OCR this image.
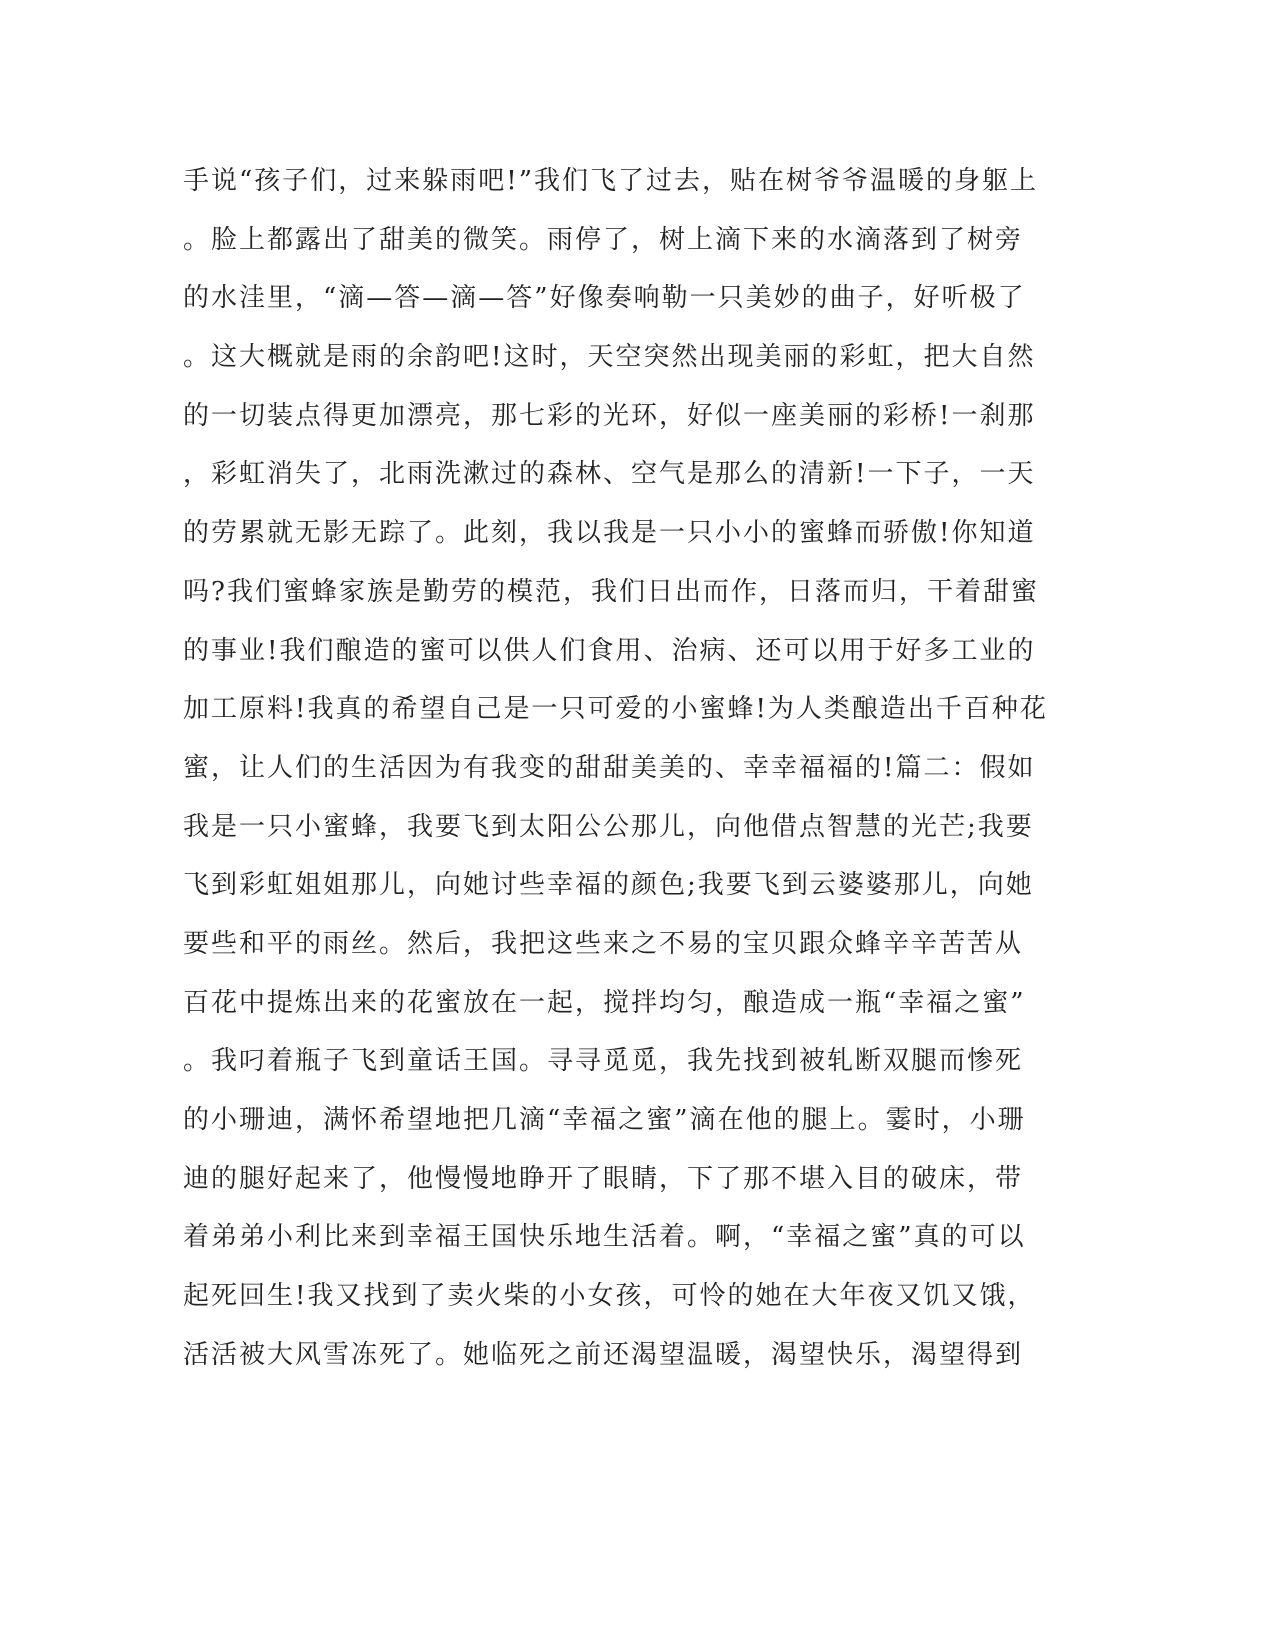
手说“孩子们，过来躲雨吧!”我们飞了过去，贴在树爷爷温暖的身躯上
。脸上都露出了甜美的微笑。雨停了，树上滴下来的水滴落到了树旁
的水洼里，“滴—答—滴—答”好像奏响勒一只美妙的曲子，好听极了
。这大概就是雨的余韵吧!这时，天空突然出现美丽的彩虹，把大自然
的一切装点得更加漂亮，那七彩的光环，好似一座美丽的彩桥!一刹那
，彩虹消失了，北雨洗漱过的森林、空气是那么的清新!一下子，一天
的劳累就无影无踪了。此刻，我以我是一只小小的蜜蜂而骄傲!你知道
吗?我们蜜蜂家族是勤劳的模范，我们日出而作，日落而归，干着甜蜜
的事业!我们酿造的蜜可以供人们食用、治病、还可以用于好多工业的
加工原料!我真的希望自己是一只可爱的小蜜蜂!为人类酿造出千百种花
蜜，让人们的生活因为有我变的甜甜美美的、幸幸福福的!篇二：假如
我是一只小蜜蜂，我要飞到太阳公公那儿，向他借点智慧的光芒;我要
飞到彩虹姐姐那儿，向她讨些幸福的颜色;我要飞到云婆婆那儿，向她
要些和平的雨丝。然后，我把这些来之不易的宝贝跟众蜂辛辛苦苦从
百花中提炼出来的花蜜放在一起，搅拌均匀，酿造成一瓶“幸福之蜜”
。我叼着瓶子飞到童话王国。寻寻觅觅，我先找到被轧断双腿而惨死
的小珊迪，满怀希望地把几滴“幸福之蜜”滴在他的腿上。霎时，小珊
迪的腿好起来了，他慢慢地睁开了眼睛，下了那不堪入目的破床，带
着弟弟小利比来到幸福王国快乐地生活着。啊，“幸福之蜜”真的可以
起死回生!我又找到了卖火柴的小女孩，可怜的她在大年夜又饥又饿，
活活被大风雪冻死了。她临死之前还渴望温暖，渴望快乐，渴望得到
